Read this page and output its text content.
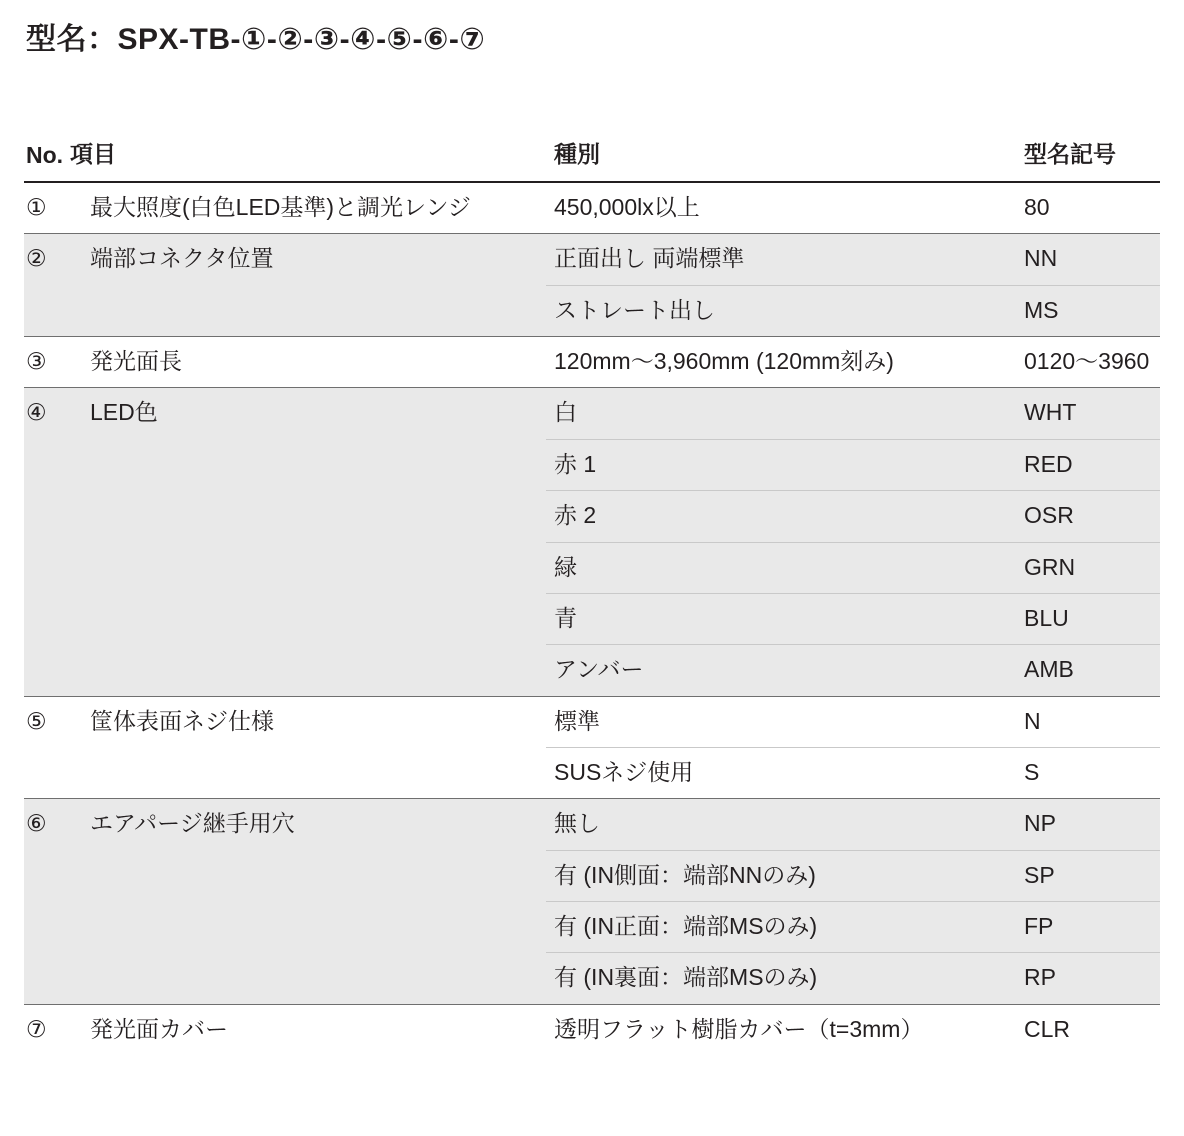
型名：SPX-TB-①-②-③-④-⑤-⑥-⑦
No.	項目	種別	型名記号
①	最大照度(白色LED基準)と調光レンジ	450,000lx以上	80
②	端部コネクタ位置	正面出し 両端標準	NN
		ストレート出し	MS
③	発光面長	120mm〜3,960mm (120mm刻み)	0120〜3960
④	LED色	白	WHT
		赤 1	RED
		赤 2	OSR
		緑	GRN
		青	BLU
		アンバー	AMB
⑤	筐体表面ネジ仕様	標準	N
		SUSネジ使用	S
⑥	エアパージ継手用穴	無し	NP
		有 (IN側面：端部NNのみ)	SP
		有 (IN正面：端部MSのみ)	FP
		有 (IN裏面：端部MSのみ)	RP
⑦	発光面カバー	透明フラット樹脂カバー（t=3mm）	CLR
